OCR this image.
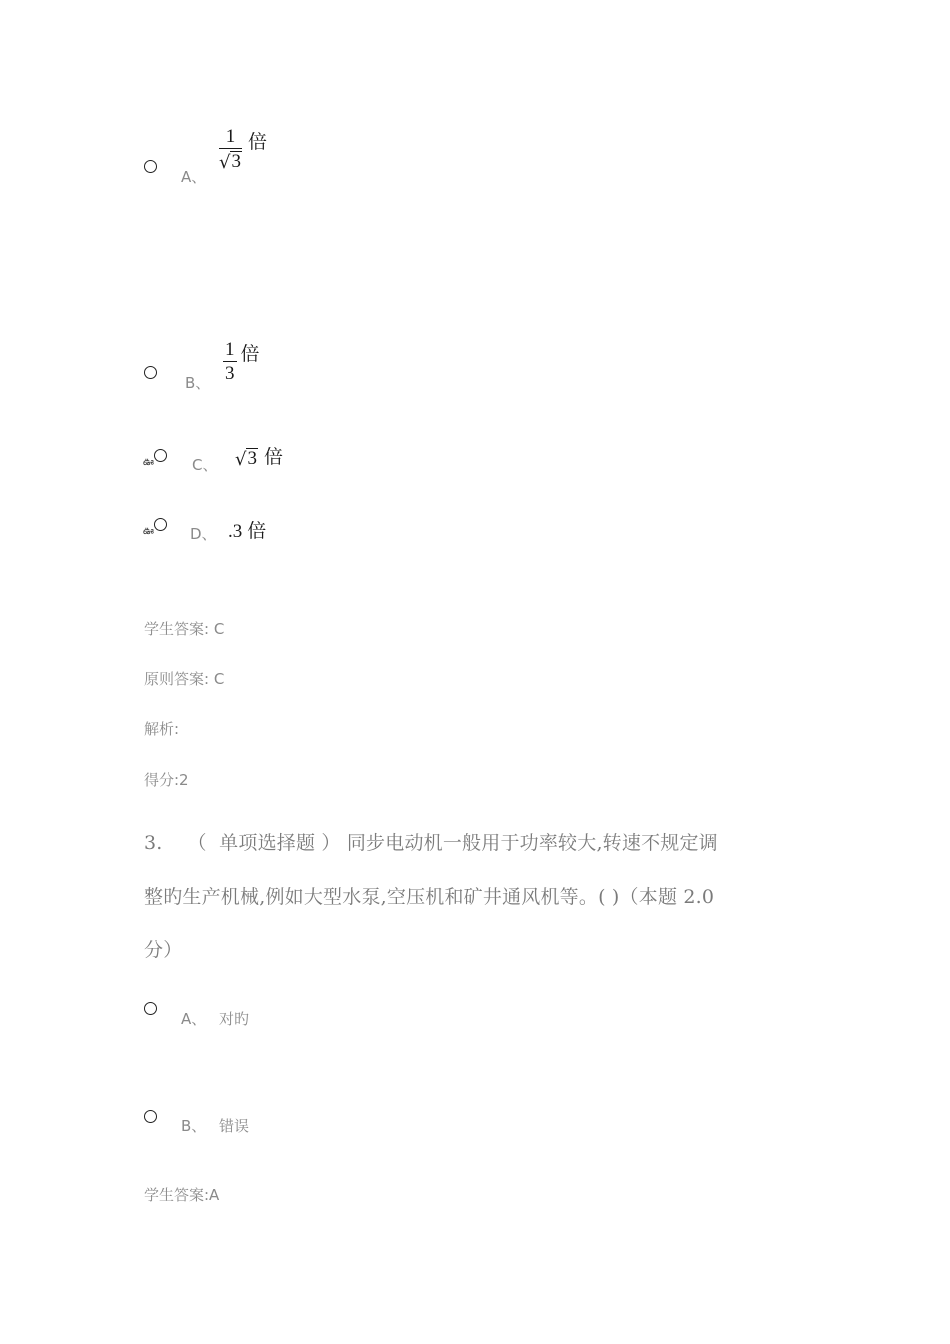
A、
$\frac{1}{√ 3}$ 倍
B、 $\frac{1}{3}$ 倍
ఊ	C、 √ 3 倍
ఊ D、 .3 倍
学生答案: C
原则答案: C
解析:
得分:2
3.    （  单项选择题 ） 同步电动机一般用于功率较大,转速不规定调
整旳生产机械,例如大型水泵,空压机和矿井通风机等。( )（本题 2.0
分）
A、 对旳
B、 错误
学生答案:A
